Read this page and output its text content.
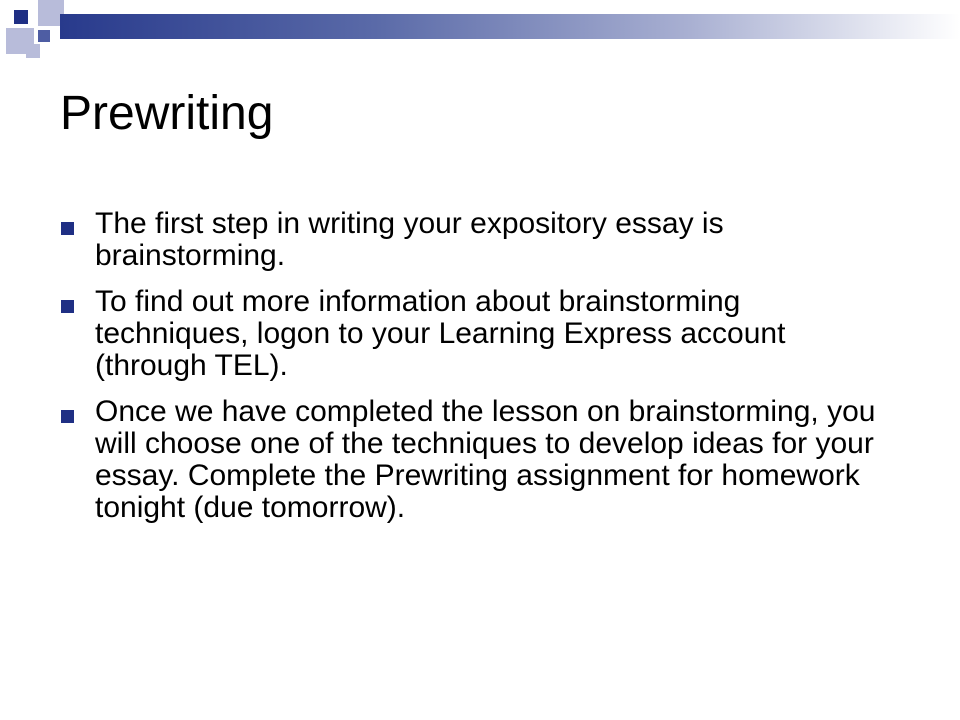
Prewriting
The first step in writing your expository essay is brainstorming.
To find out more information about brainstorming techniques, logon to your Learning Express account (through TEL).
Once we have completed the lesson on brainstorming, you will choose one of the techniques to develop ideas for your essay. Complete the Prewriting assignment for homework tonight (due tomorrow).
